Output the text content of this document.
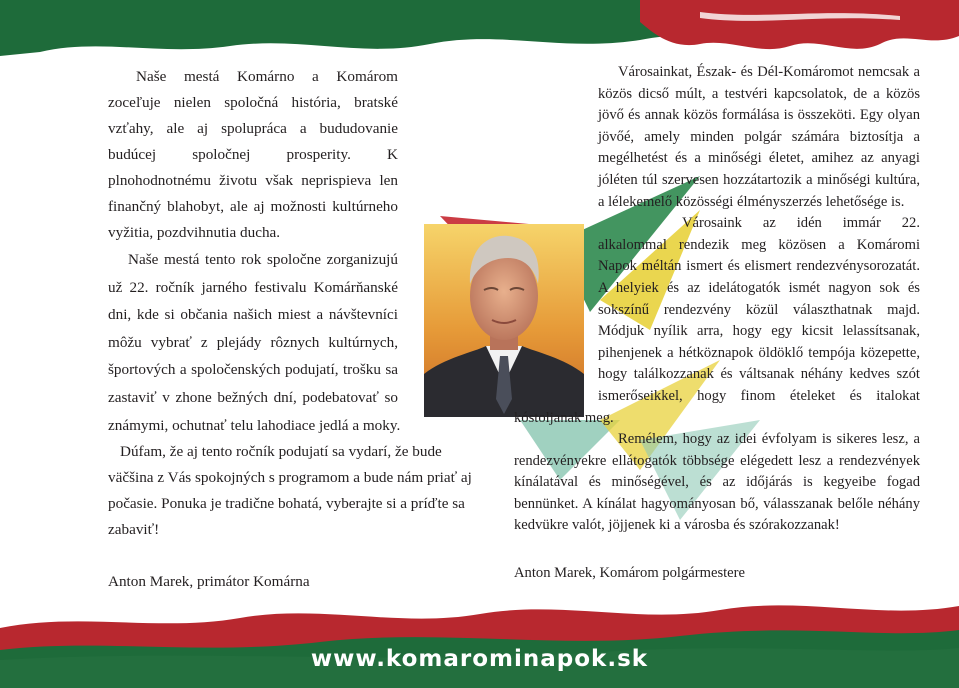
Naše mestá Komárno a Komárom zoceľuje nielen spoločná história, bratské vzťahy, ale aj spolupráca a bududovanie budúcej spoločnej prosperity. K plnohodnotnému životu však neprispieva len finančný blahobyt, ale aj možnosti kultúrneho vyžitia, pozdvihnutia ducha.

Naše mestá tento rok spoločne zorganizujú už 22. ročník jarného festivalu Komárňanské dni, kde si občania našich miest a návštevníci môžu vybrať z plejády rôznych kultúrnych, športových a spoločenských podujatí, trošku sa zastaviť v zhone bežných dní, podebatovať so známymi, ochutnať telu lahodiace jedlá a moky.

Dúfam, že aj tento ročník podujatí sa vydarí, že bude väčšina z Vás spokojných s programom a bude nám priať aj počasie. Ponuka je tradične bohatá, vyberajte si a príďte sa zabaviť!

Anton Marek, primátor Komárna

Városainkat, Észak- és Dél-Komáromot nemcsak a közös dicső múlt, a testvéri kapcsolatok, de a közös jövő és annak közös formálása is összeköti. Egy olyan jövőé, amely minden polgár számára biztosítja a megélhetést és a minőségi életet, amihez az anyagi jóléten túl szervesen hozzátartozik a minőségi kultúra, a lélekemelő közösségi élményszerzés lehetősége is.

Városaink az idén immár 22. alkalommal rendezik meg közösen a Komáromi Napok méltán ismert és elismert rendezvénysorozatát. A helyiek és az idelátogatók ismét nagyon sok és sokszínű rendezvény közül választhatnak majd. Módjuk nyílik arra, hogy egy kicsit lelassítsanak, pihenjenek a hétköznapok öldöklő tempója közepette, hogy találkozzanak és váltsanak néhány kedves szót ismerőseikkel, hogy finom ételeket és italokat kóstoljanak meg.

Remélem, hogy az idei évfolyam is sikeres lesz, a rendezvényekre ellátogatók többsége elégedett lesz a rendezvények kínálatával és minőségével, és az időjárás is kegyeibe fogad bennünket. A kínálat hagyományosan bő, válasszanak belőle néhány kedvükre valót, jöjjenek ki a városba és szórakozzanak!

Anton Marek, Komárom polgármestere

www.komarominapok.sk
